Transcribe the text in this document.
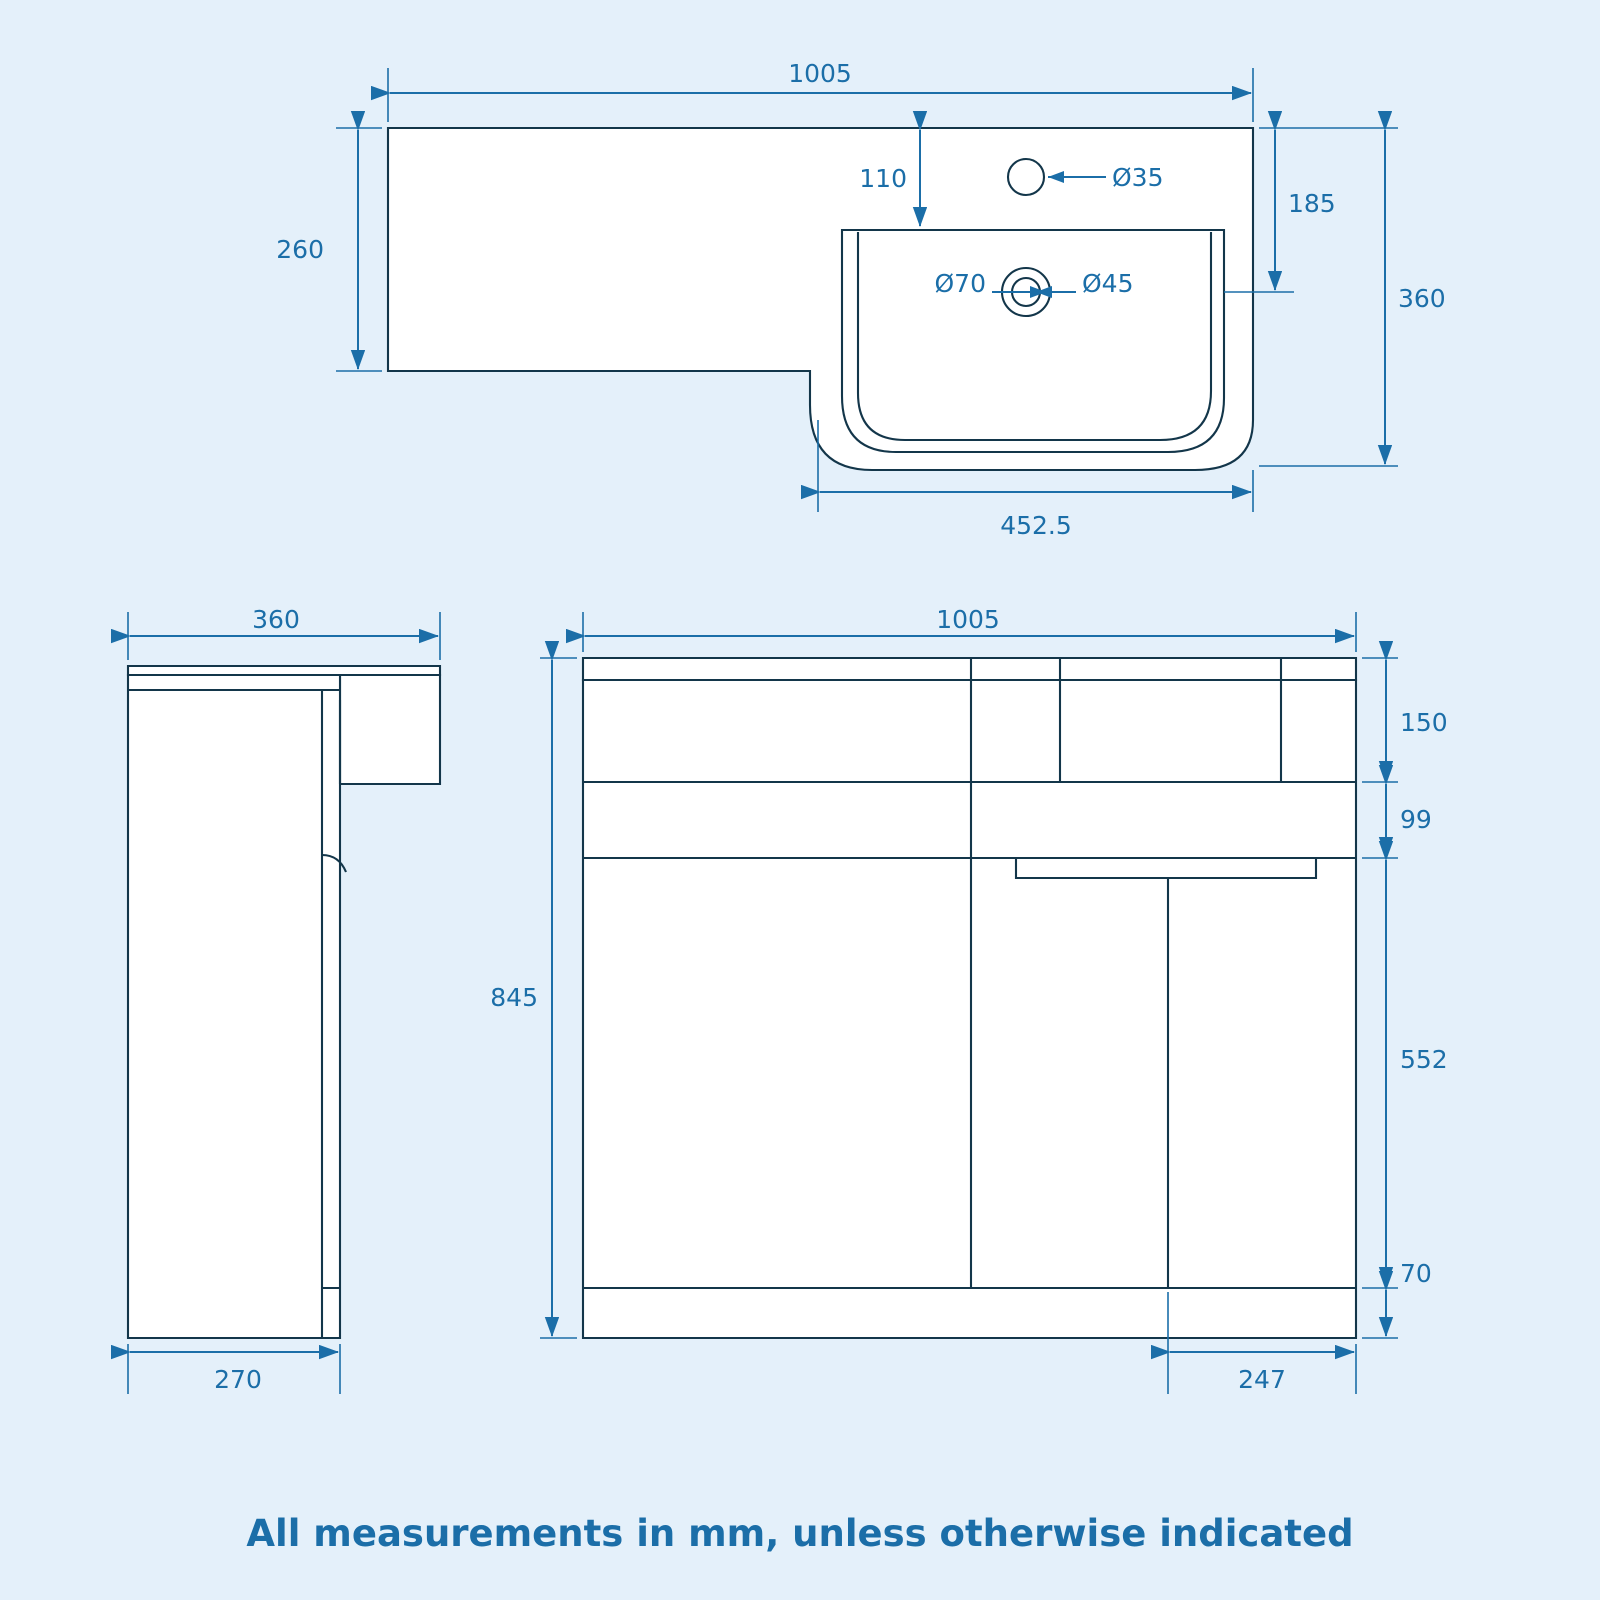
1005
260
360
185
110	Ø35
Ø70	Ø45
452.5
360
270
1005
845
150
99
552
70
247
All measurements in mm, unless otherwise indicated
